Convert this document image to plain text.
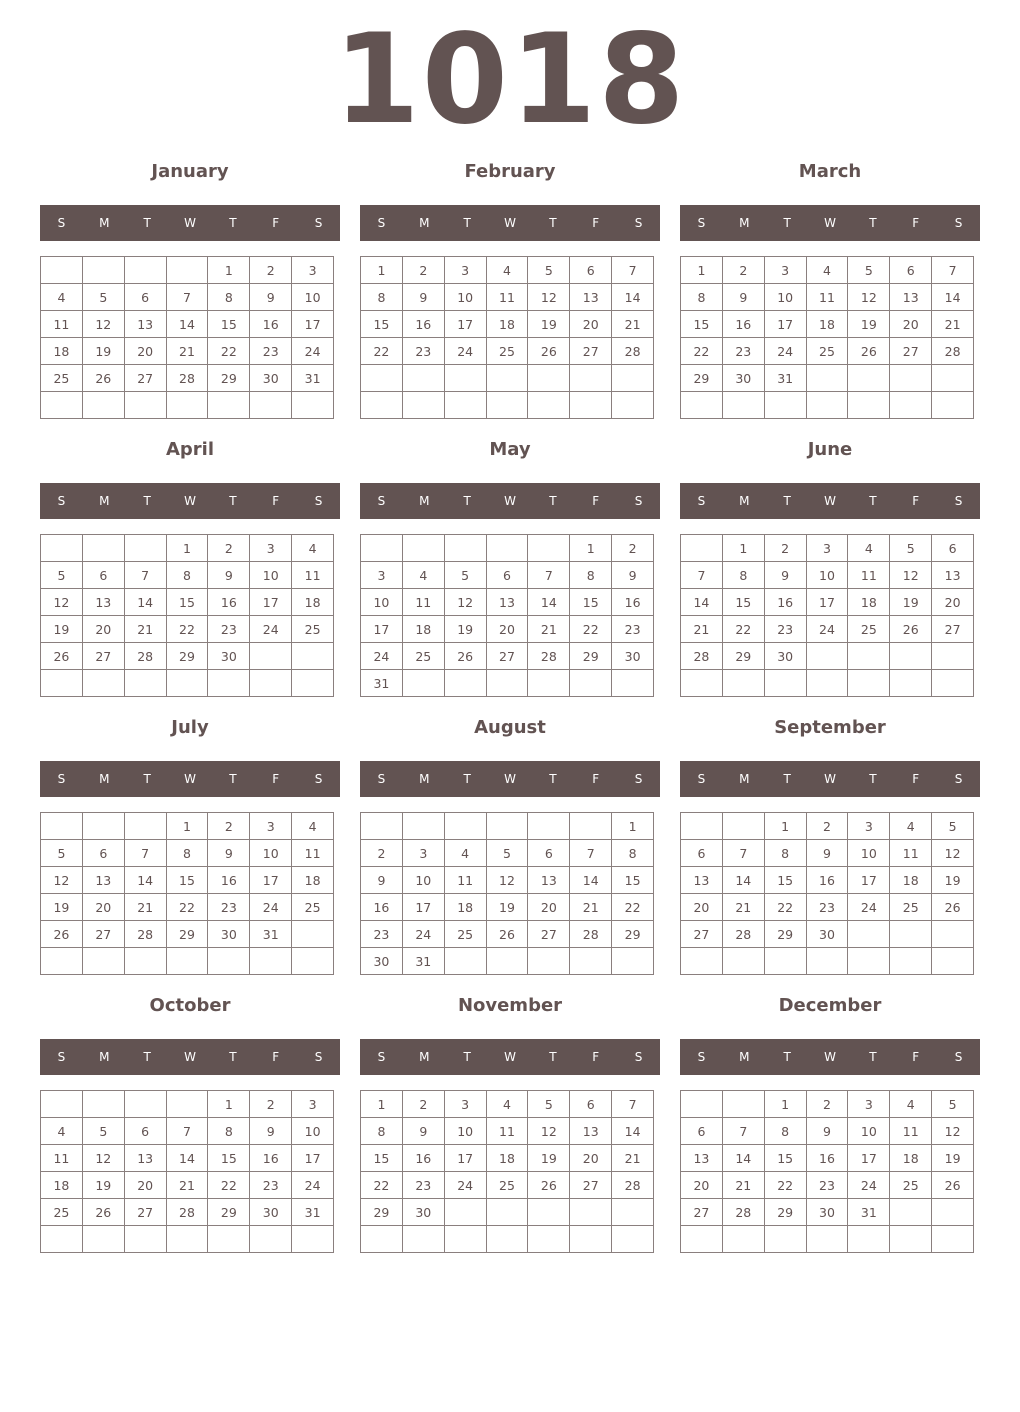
1018
January
S	M	T	W	T	F	S
				1	2	3
4	5	6	7	8	9	10
11	12	13	14	15	16	17
18	19	20	21	22	23	24
25	26	27	28	29	30	31

February
S	M	T	W	T	F	S
1	2	3	4	5	6	7
8	9	10	11	12	13	14
15	16	17	18	19	20	21
22	23	24	25	26	27	28

March
S	M	T	W	T	F	S
1	2	3	4	5	6	7
8	9	10	11	12	13	14
15	16	17	18	19	20	21
22	23	24	25	26	27	28
29	30	31				

April
S	M	T	W	T	F	S
			1	2	3	4
5	6	7	8	9	10	11
12	13	14	15	16	17	18
19	20	21	22	23	24	25
26	27	28	29	30		

May
S	M	T	W	T	F	S
					1	2
3	4	5	6	7	8	9
10	11	12	13	14	15	16
17	18	19	20	21	22	23
24	25	26	27	28	29	30
31						
June
S	M	T	W	T	F	S
	1	2	3	4	5	6
7	8	9	10	11	12	13
14	15	16	17	18	19	20
21	22	23	24	25	26	27
28	29	30				

July
S	M	T	W	T	F	S
			1	2	3	4
5	6	7	8	9	10	11
12	13	14	15	16	17	18
19	20	21	22	23	24	25
26	27	28	29	30	31	

August
S	M	T	W	T	F	S
						1
2	3	4	5	6	7	8
9	10	11	12	13	14	15
16	17	18	19	20	21	22
23	24	25	26	27	28	29
30	31					
September
S	M	T	W	T	F	S
		1	2	3	4	5
6	7	8	9	10	11	12
13	14	15	16	17	18	19
20	21	22	23	24	25	26
27	28	29	30			

October
S	M	T	W	T	F	S
				1	2	3
4	5	6	7	8	9	10
11	12	13	14	15	16	17
18	19	20	21	22	23	24
25	26	27	28	29	30	31

November
S	M	T	W	T	F	S
1	2	3	4	5	6	7
8	9	10	11	12	13	14
15	16	17	18	19	20	21
22	23	24	25	26	27	28
29	30					

December
S	M	T	W	T	F	S
		1	2	3	4	5
6	7	8	9	10	11	12
13	14	15	16	17	18	19
20	21	22	23	24	25	26
27	28	29	30	31		
